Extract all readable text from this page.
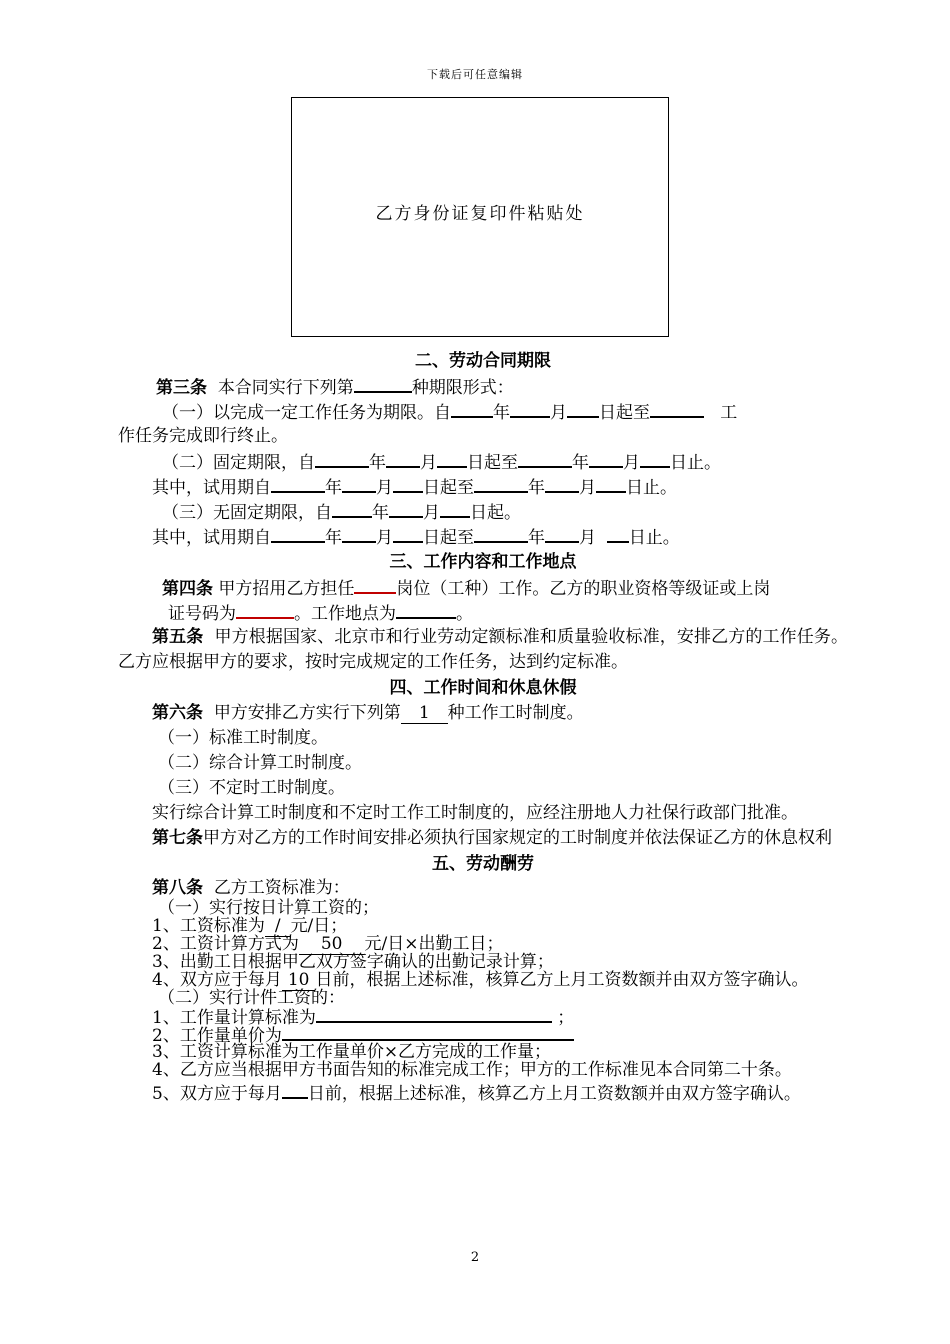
下载后可任意编辑
乙方身份证复印件粘贴处
二、劳动合同期限
第三条 本合同实行下列第	种期限形式：
（一）以完成一定工作任务为期限。自 年 月 日起至	工
作任务完成即行终止。
（二）固定期限，自	年 月 日起至	年 月 日止。
其中，试用期自	年 月 日起至	年 月 日止。
（三）无固定期限，自 年 月 日起。
其中，试用期自	年 月 日起至	年 月 日止。
三、工作内容和工作地点
第四条 甲方招用乙方担任 岗位（工种）工作。乙方的职业资格等级证或上岗
证号码为	。工作地点为	。
第五条 甲方根据国家、北京市和行业劳动定额标准和质量验收标准，安排乙方的工作任务。乙方应根据甲方的要求，按时完成规定的工作任务，达到约定标准。
四、工作时间和休息休假
第六条 甲方安排乙方实行下列第 1 种工作工时制度。
（一）标准工时制度。
（二）综合计算工时制度。
（三）不定时工时制度。
实行综合计算工时制度和不定时工作工时制度的，应经注册地人力社保行政部门批准。
第七条甲方对乙方的工作时间安排必须执行国家规定的工时制度并依法保证乙方的休息权利
五、劳动酬劳
第八条 乙方工资标准为：
（一）实行按日计算工资的；
1、工资标准为 / 元/日；
2、工资计算方式为 50 元/日×出勤工日；
3、出勤工日根据甲乙双方签字确认的出勤记录计算；
4、双方应于每月 10 日前，根据上述标准，核算乙方上月工资数额并由双方签字确认。
（二）实行计件工资的：
1、工作量计算标准为	；
2、工作量单价为
3、工资计算标准为工作量单价×乙方完成的工作量；
4、乙方应当根据甲方书面告知的标准完成工作；甲方的工作标准见本合同第二十条。
5、双方应于每月 日前，根据上述标准，核算乙方上月工资数额并由双方签字确认。
2
